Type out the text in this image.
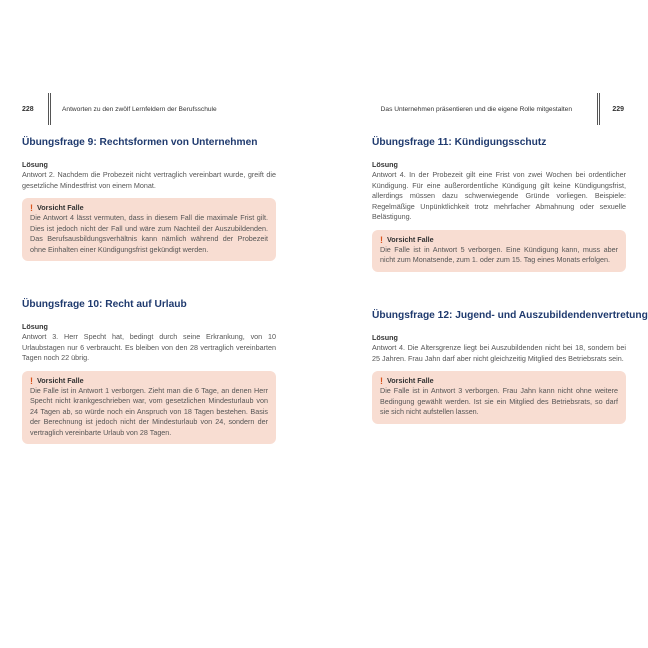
228	Antworten zu den zwölf Lernfeldern der Berufsschule
Übungsfrage 9: Rechtsformen von Unternehmen
Lösung

Antwort 2. Nachdem die Probezeit nicht vertraglich vereinbart wurde, greift die gesetzliche Mindestfrist von einem Monat.

! Vorsicht Falle

Die Antwort 4 lässt vermuten, dass in diesem Fall die maximale Frist gilt. Dies ist jedoch nicht der Fall und wäre zum Nachteil der Auszubildenden. Das Berufsausbildungsverhältnis kann nämlich während der Probezeit ohne Einhalten einer Kündigungsfrist gekündigt werden.

Übungsfrage 10: Recht auf Urlaub
Lösung

Antwort 3. Herr Specht hat, bedingt durch seine Erkrankung, von 10 Urlaubstagen nur 6 verbraucht. Es bleiben von den 28 vertraglich vereinbarten Tagen noch 22 übrig.

! Vorsicht Falle

Die Falle ist in Antwort 1 verborgen. Zieht man die 6 Tage, an denen Herr Specht nicht krankgeschrieben war, vom gesetzlichen Mindesturlaub von 24 Tagen ab, so würde noch ein Anspruch von 18 Tagen bestehen. Basis der Berechnung ist jedoch nicht der Mindesturlaub von 24, sondern der vertraglich vereinbarte Urlaub von 28 Tagen.

Das Unternehmen präsentieren und die eigene Rolle mitgestalten	229
Übungsfrage 11: Kündigungsschutz
Lösung

Antwort 4. In der Probezeit gilt eine Frist von zwei Wochen bei ordentlicher Kündigung. Für eine außerordentliche Kündigung gilt keine Kündigungsfrist, allerdings müssen dazu schwerwiegende Gründe vorliegen. Beispiele: Regelmäßige Unpünktlichkeit trotz mehrfacher Abmahnung oder sexuelle Belästigung.

! Vorsicht Falle

Die Falle ist in Antwort 5 verborgen. Eine Kündigung kann, muss aber nicht zum Monatsende, zum 1. oder zum 15. Tag eines Monats erfolgen.

Übungsfrage 12: Jugend- und Auszubildendenvertretung
Lösung

Antwort 4. Die Altersgrenze liegt bei Auszubildenden nicht bei 18, sondern bei 25 Jahren. Frau Jahn darf aber nicht gleichzeitig Mitglied des Betriebsrats sein.

! Vorsicht Falle

Die Falle ist in Antwort 3 verborgen. Frau Jahn kann nicht ohne weitere Bedingung gewählt werden. Ist sie ein Mitglied des Betriebsrats, so darf sie sich nicht aufstellen lassen.
